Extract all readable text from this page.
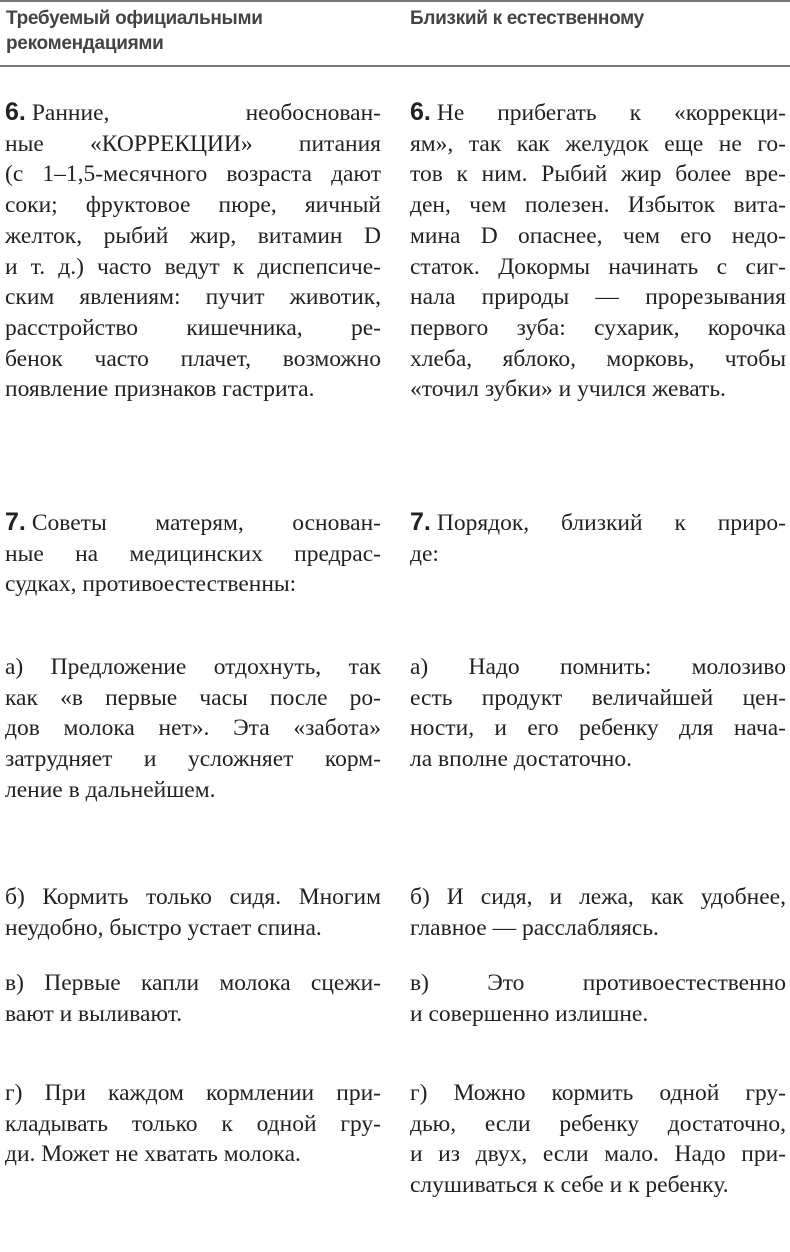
Требуемый официальными
рекомендациями
Близкий к естественному
6. Ранние, необоснован-
ные «КОРРЕКЦИИ» питания
(с 1–1,5-месячного возраста дают
соки; фруктовое пюре, яичный
желток, рыбий жир, витамин D
и т. д.) часто ведут к диспепсиче-
ским явлениям: пучит животик,
расстройство кишечника, ре-
бенок часто плачет, возможно
появление признаков гастрита.
6. Не прибегать к «коррекци-
ям», так как желудок еще не го-
тов к ним. Рыбий жир более вре-
ден, чем полезен. Избыток вита-
мина D опаснее, чем его недо-
статок. Докормы начинать с сиг-
нала природы — прорезывания
первого зуба: сухарик, корочка
хлеба, яблоко, морковь, чтобы
«точил зубки» и учился жевать.
7. Советы матерям, основан-
ные на медицинских предрас-
судках, противоестественны:
7. Порядок, близкий к приро-
де:
а) Предложение отдохнуть, так
как «в первые часы после ро-
дов молока нет». Эта «забота»
затрудняет и усложняет корм-
ление в дальнейшем.
а) Надо помнить: молозиво
есть продукт величайшей цен-
ности, и его ребенку для нача-
ла вполне достаточно.
б) Кормить только сидя. Многим
неудобно, быстро устает спина.
б) И сидя, и лежа, как удобнее,
главное — расслабляясь.
в) Первые капли молока сцежи-
вают и выливают.
в) Это противоестественно
и совершенно излишне.
г) При каждом кормлении при-
кладывать только к одной гру-
ди. Может не хватать молока.
г) Можно кормить одной гру-
дью, если ребенку достаточно,
и из двух, если мало. Надо при-
слушиваться к себе и к ребенку.
